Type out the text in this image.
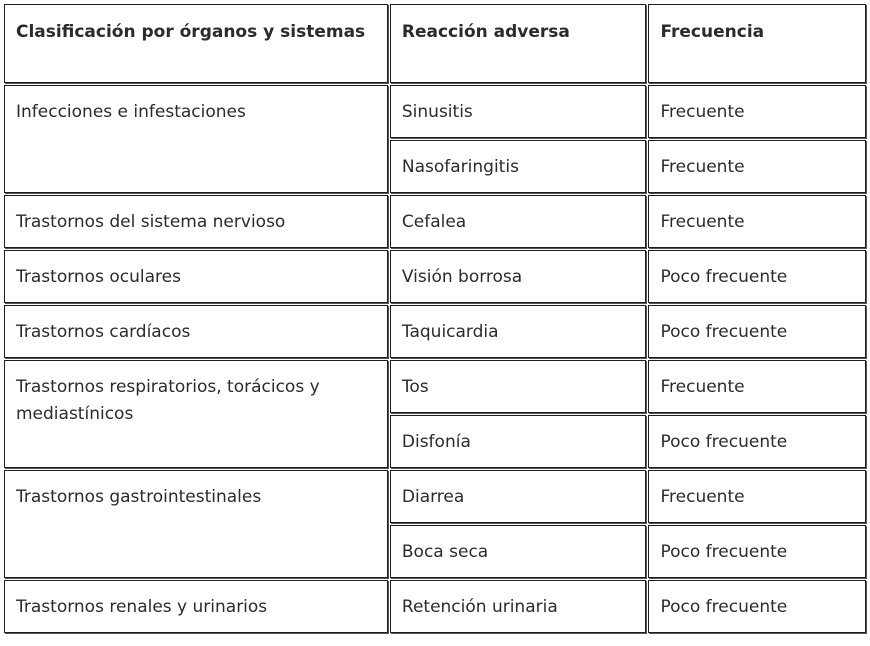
Clasificación por órganos y sistemas	Reacción adversa	Frecuencia
Infecciones e infestaciones	Sinusitis	Frecuente
	Nasofaringitis	Frecuente
Trastornos del sistema nervioso	Cefalea	Frecuente
Trastornos oculares	Visión borrosa	Poco frecuente
Trastornos cardíacos	Taquicardia	Poco frecuente
Trastornos respiratorios, torácicos y mediastínicos	Tos	Frecuente
	Disfonía	Poco frecuente
Trastornos gastrointestinales	Diarrea	Frecuente
	Boca seca	Poco frecuente
Trastornos renales y urinarios	Retención urinaria	Poco frecuente
